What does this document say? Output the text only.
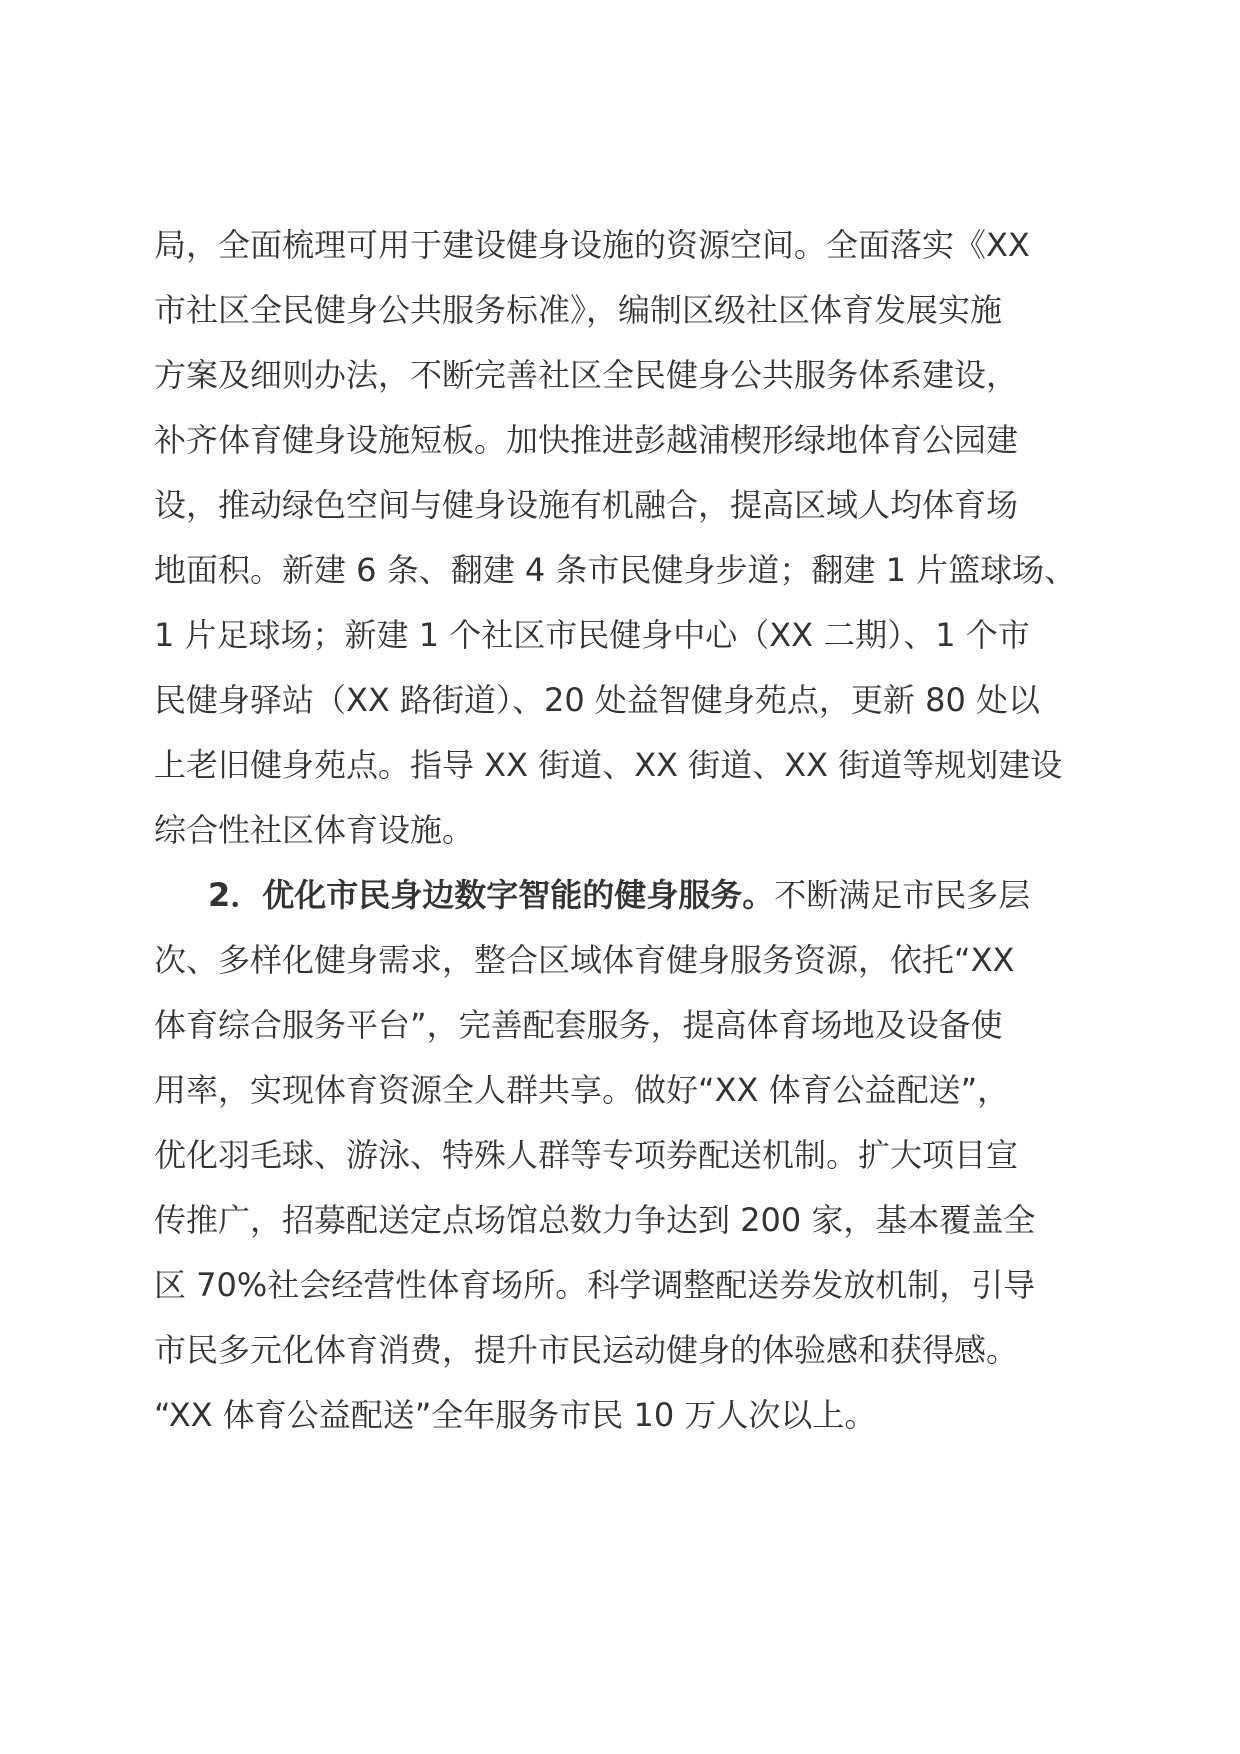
局，全面梳理可用于建设健身设施的资源空间。全面落实《XX
市社区全民健身公共服务标准》，编制区级社区体育发展实施
方案及细则办法，不断完善社区全民健身公共服务体系建设，
补齐体育健身设施短板。加快推进彭越浦楔形绿地体育公园建
设，推动绿色空间与健身设施有机融合，提高区域人均体育场
地面积。新建 6 条、翻建 4 条市民健身步道；翻建 1 片篮球场、
1 片足球场；新建 1 个社区市民健身中心（XX 二期）、1 个市
民健身驿站（XX 路街道）、20 处益智健身苑点，更新 80 处以
上老旧健身苑点。指导 XX 街道、XX 街道、XX 街道等规划建设
综合性社区体育设施。
2．优化市民身边数字智能的健身服务。不断满足市民多层
次、多样化健身需求，整合区域体育健身服务资源，依托“XX
体育综合服务平台”，完善配套服务，提高体育场地及设备使
用率，实现体育资源全人群共享。做好“XX 体育公益配送”，
优化羽毛球、游泳、特殊人群等专项券配送机制。扩大项目宣
传推广，招募配送定点场馆总数力争达到 200 家，基本覆盖全
区 70%社会经营性体育场所。科学调整配送券发放机制，引导
市民多元化体育消费，提升市民运动健身的体验感和获得感。
“XX 体育公益配送”全年服务市民 10 万人次以上。
